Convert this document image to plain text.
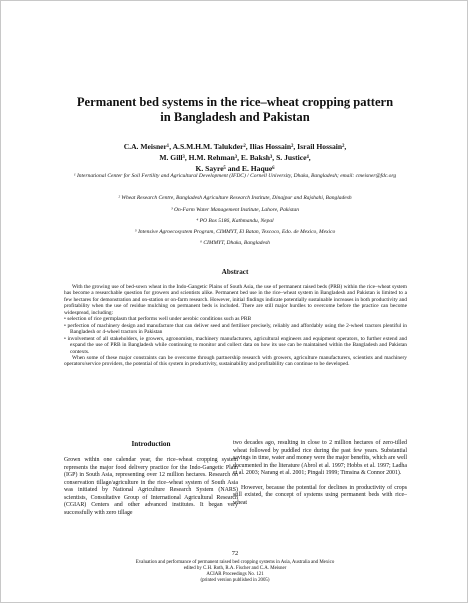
Permanent bed systems in the rice–wheat cropping pattern
in Bangladesh and Pakistan
C.A. Meisner¹, A.S.M.H.M. Talukder², Ilias Hossain², Israil Hossain²,
M. Gill³, H.M. Rehman³, E. Baksh³, S. Justice⁴,
K. Sayre⁵ and E. Haque⁶
¹ International Center for Soil Fertility and Agricultural Development (IFDC) / Cornell University, Dhaka, Bangladesh; email: cmeisner@fdc.org
² Wheat Research Centre, Bangladesh Agriculture Research Institute, Dinajpur and Rajshahi, Bangladesh
³ On-Farm Water Management Institute, Lahore, Pakistan
⁴ PO Box 5186, Kathmandu, Nepal
⁵ Intensive Agroecosystem Program, CIMMYT, El Batan, Texcoco, Edo. de Mexico, Mexico
⁶ CIMMYT, Dhaka, Bangladesh
Abstract

With the growing use of bed-sown wheat in the Indo-Gangetic Plains of South Asia, the use of permanent raised beds (PRB) within the rice–wheat system has become a researchable question for growers and scientists alike. Permanent bed use in the rice–wheat system in Bangladesh and Pakistan is limited to a few hectares for demonstration and on-station or on-farm research. However, initial findings indicate potentially sustainable increases in both productivity and profitability when the use of residue mulching on permanent beds is included. There are still major hurdles to overcome before the practice can become widespread, including:

• selection of rice germplasm that performs well under aerobic conditions such as PRB
• perfection of machinery design and manufacture that can deliver seed and fertiliser precisely, reliably and affordably using the 2-wheel tractors plentiful in Bangladesh or 4-wheel tractors in Pakistan
• involvement of all stakeholders, ie growers, agronomists, machinery manufacturers, agricultural engineers and equipment operators, to further extend and expand the use of PRB in Bangladesh while continuing to monitor and collect data on how its use can be maintained within the Bangladesh and Pakistan contexts.

When some of these major constraints can be overcome through partnership research with growers, agriculture manufacturers, scientists and machinery operators/service providers, the potential of this system in productivity, sustainability and profitability can continue to be developed.

Introduction

Grown within one calendar year, the rice–wheat cropping system represents the major food delivery practice for the Indo-Gangetic Plain (IGP) in South Asia, representing over 12 million hectares. Research on conservation tillage/agriculture in the rice–wheat system of South Asia was initiated by National Agriculture Research System (NARS) scientists, Consultative Group of International Agricultural Research (CGIAR) Centers and other advanced institutes. It began very successfully with zero tillage

two decades ago, resulting in close to 2 million hectares of zero-tilled wheat followed by puddled rice during the past few years. Substantial savings in time, water and money were the major benefits, which are well documented in the literature (Abrol et al. 1997; Hobbs et al. 1997; Ladha et al. 2003; Narang et al. 2001; Pingali 1999; Timsina & Connor 2001).

However, because the potential for declines in productivity of crops still existed, the concept of systems using permanent beds with rice–wheat

72
Evaluation and performance of permanent raised bed cropping systems in Asia, Australia and Mexico
edited by C.H. Roth, R.A. Fischer and C.A. Meisner
ACIAR Proceedings No. 121
(printed version published in 2005)
